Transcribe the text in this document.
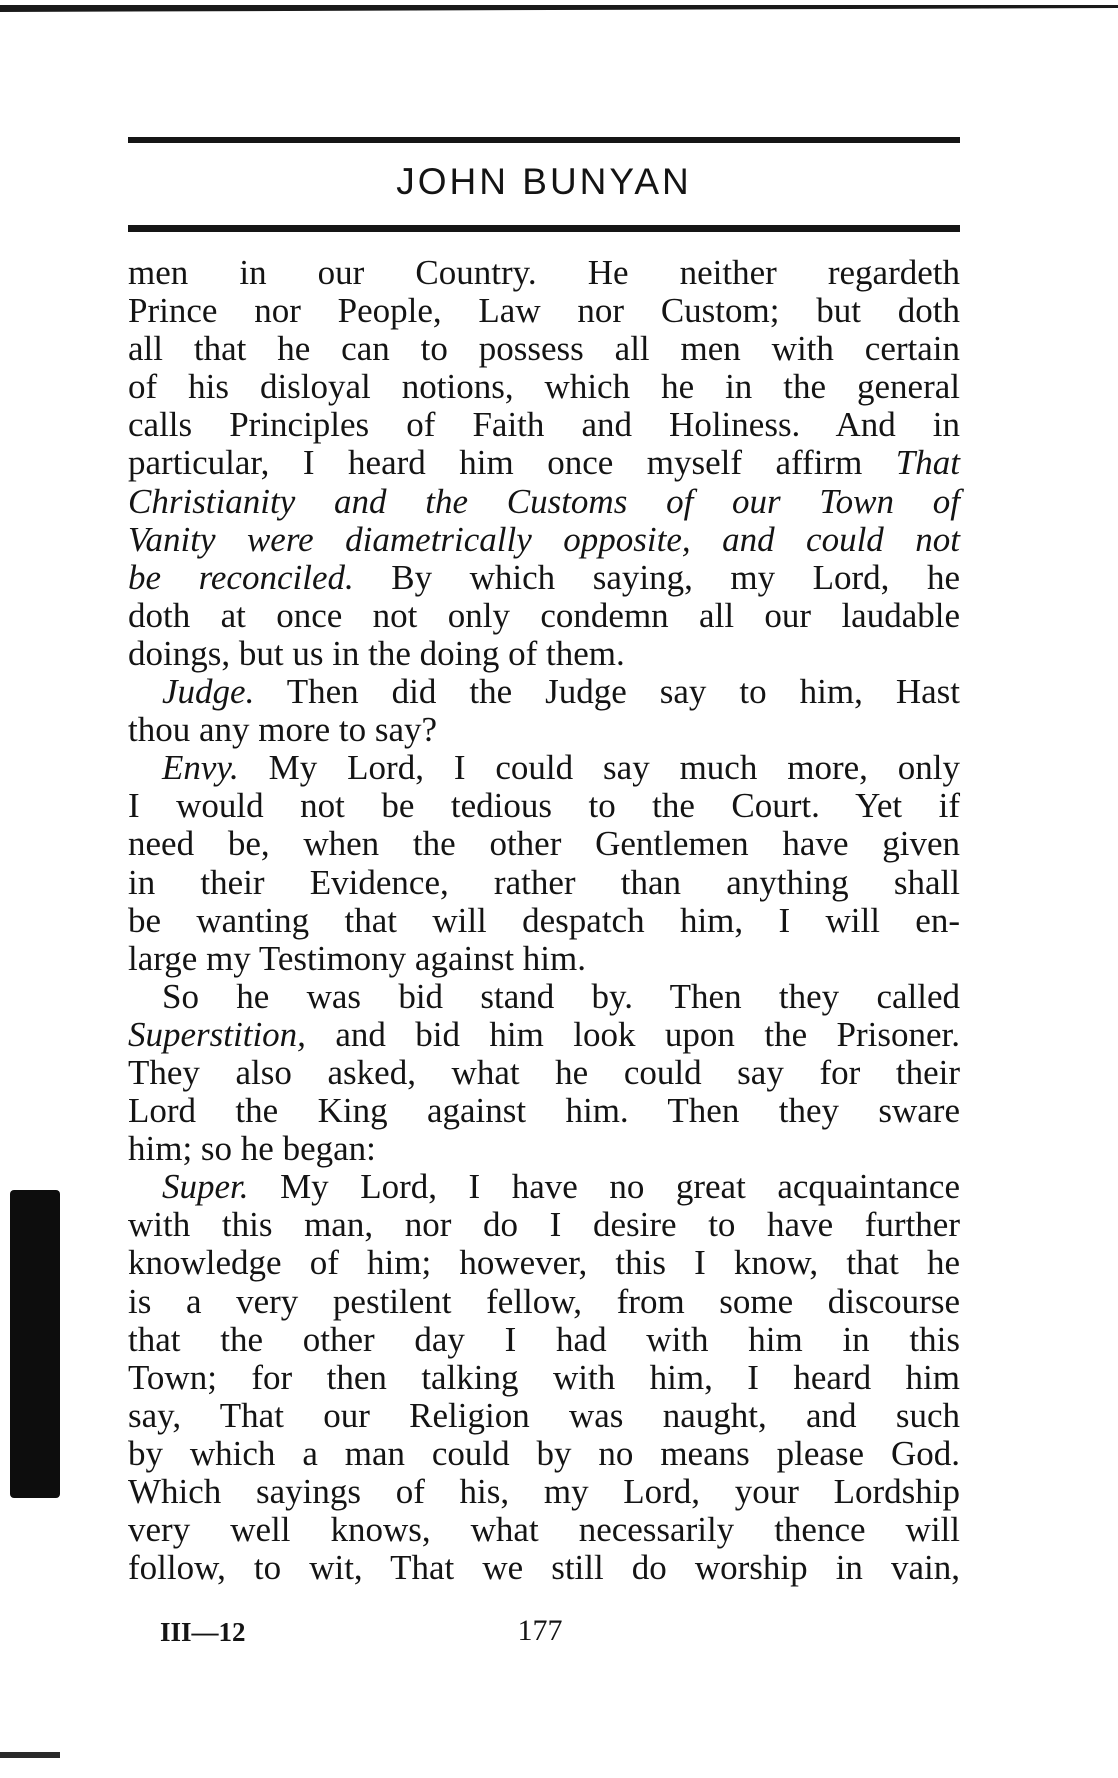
JOHN BUNYAN
men in our Country. He neither regardeth
Prince nor People, Law nor Custom; but doth
all that he can to possess all men with certain
of his disloyal notions, which he in the general
calls Principles of Faith and Holiness. And in
particular, I heard him once myself affirm That
Christianity and the Customs of our Town of
Vanity were diametrically opposite, and could not
be reconciled. By which saying, my Lord, he
doth at once not only condemn all our laudable
doings, but us in the doing of them.
Judge. Then did the Judge say to him, Hast
thou any more to say?
Envy. My Lord, I could say much more, only
I would not be tedious to the Court. Yet if
need be, when the other Gentlemen have given
in their Evidence, rather than anything shall
be wanting that will despatch him, I will en-
large my Testimony against him.
So he was bid stand by. Then they called
Superstition, and bid him look upon the Prisoner.
They also asked, what he could say for their
Lord the King against him. Then they sware
him; so he began:
Super. My Lord, I have no great acquaintance
with this man, nor do I desire to have further
knowledge of him; however, this I know, that he
is a very pestilent fellow, from some discourse
that the other day I had with him in this
Town; for then talking with him, I heard him
say, That our Religion was naught, and such
by which a man could by no means please God.
Which sayings of his, my Lord, your Lordship
very well knows, what necessarily thence will
follow, to wit, That we still do worship in vain,
III—12	177
